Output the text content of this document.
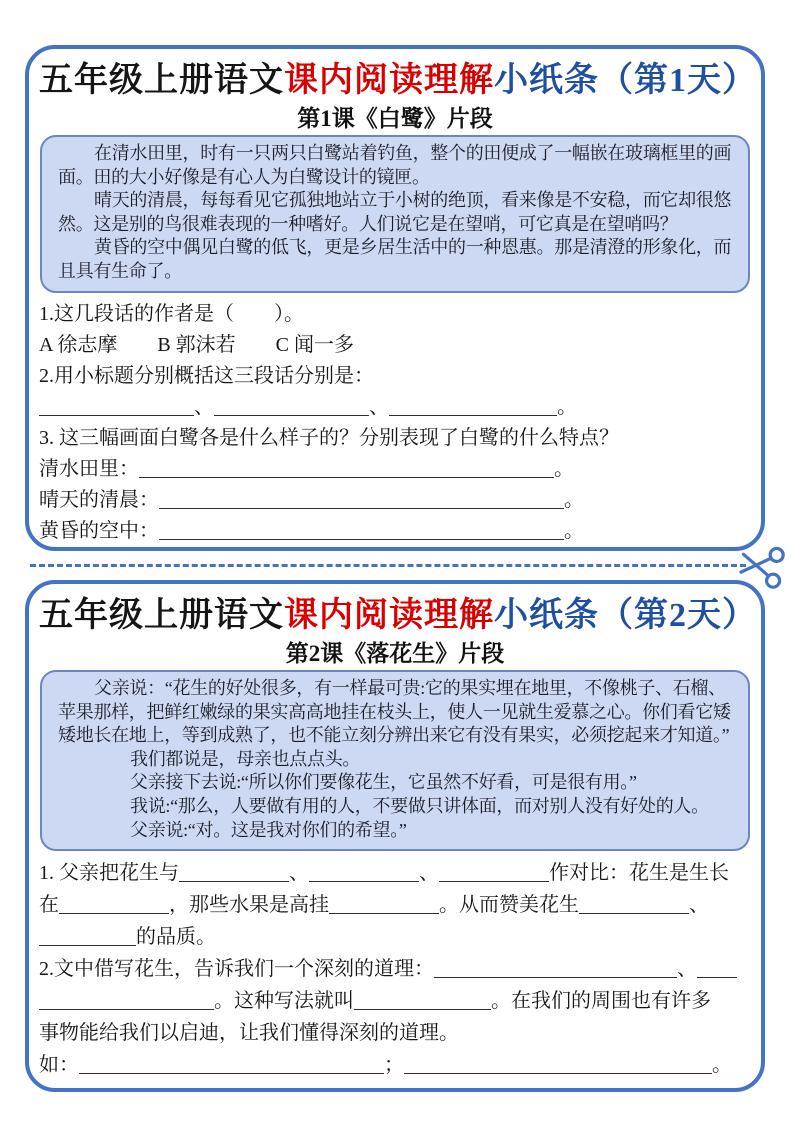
五年级上册语文课内阅读理解小纸条（第1天）
第1课《白鹭》片段

在清水田里，时有一只两只白鹭站着钓鱼，整个的田便成了一幅嵌在玻璃框里的画面。田的大小好像是有心人为白鹭设计的镜匣。

晴天的清晨，每每看见它孤独地站立于小树的绝顶，看来像是不安稳，而它却很悠然。这是别的鸟很难表现的一种嗜好。人们说它是在望哨，可它真是在望哨吗？

黄昏的空中偶见白鹭的低飞，更是乡居生活中的一种恩惠。那是清澄的形象化，而且具有生命了。

1.这几段话的作者是（　　）。
A 徐志摩　　B 郭沫若　　C 闻一多
2.用小标题分别概括这三段话分别是：
、	、	。
3. 这三幅画面白鹭各是什么样子的？分别表现了白鹭的什么特点？
清水田里：	。
晴天的清晨：	。
黄昏的空中：	。
五年级上册语文课内阅读理解小纸条（第2天）
第2课《落花生》片段

父亲说：“花生的好处很多，有一样最可贵:它的果实埋在地里，不像桃子、石榴、苹果那样，把鲜红嫩绿的果实高高地挂在枝头上，使人一见就生爱慕之心。你们看它矮矮地长在地上，等到成熟了，也不能立刻分辨出来它有没有果实，必须挖起来才知道。”

我们都说是，母亲也点点头。

父亲接下去说:“所以你们要像花生，它虽然不好看，可是很有用。”

我说:“那么，人要做有用的人，不要做只讲体面，而对别人没有好处的人。

父亲说:“对。这是我对你们的希望。”

1. 父亲把花生与	、	、	作对比：花生是生长
在	，那些水果是高挂	。从而赞美花生	、
的品质。
2.文中借写花生，告诉我们一个深刻的道理：	、
。这种写法就叫	。在我们的周围也有许多
事物能给我们以启迪，让我们懂得深刻的道理。
如：	；	。
